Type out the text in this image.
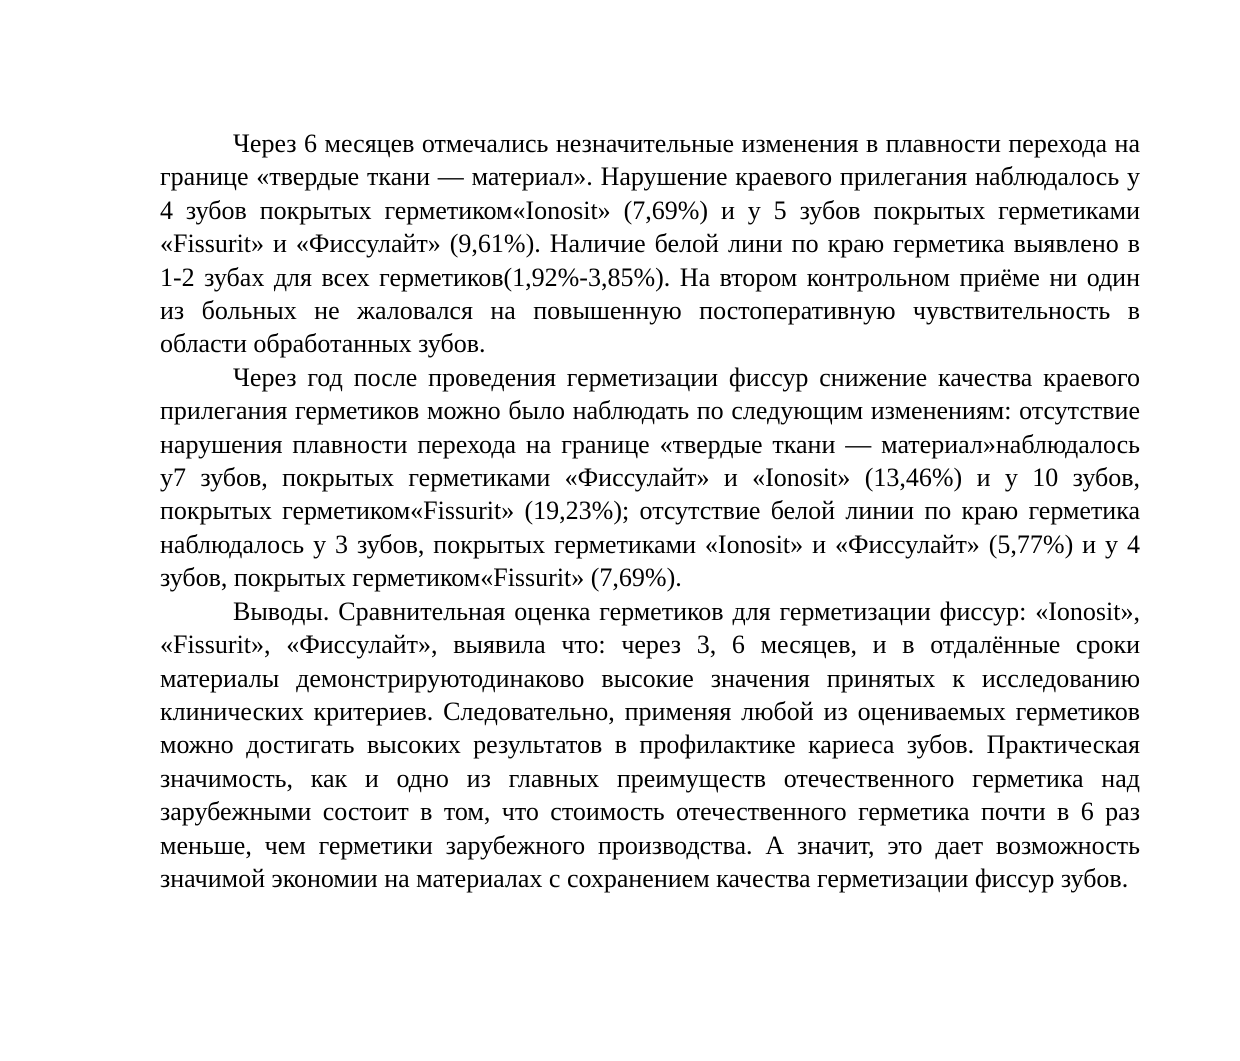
Через 6 месяцев отмечались незначительные изменения в плавности перехода на границе «твердые ткани — материал». Нарушение краевого прилегания наблюдалось у 4 зубов покрытых герметиком«Ionosit» (7,69%) и у 5 зубов покрытых герметиками «Fissurit» и «Фиссулайт» (9,61%). Наличие белой лини по краю герметика выявлено в 1-2 зубах для всех герметиков(1,92%-3,85%). На втором контрольном приёме ни один из больных не жаловался на повышенную постоперативную чувствительность в области обработанных зубов.

Через год после проведения герметизации фиссур снижение качества краевого прилегания герметиков можно было наблюдать по следующим изменениям: отсутствие нарушения плавности перехода на границе «твердые ткани — материал»наблюдалось у7 зубов, покрытых герметиками «Фиссулайт» и «Ionosit» (13,46%) и у 10 зубов, покрытых герметиком«Fissurit» (19,23%); отсутствие белой линии по краю герметика наблюдалось у 3 зубов, покрытых герметиками «Ionosit» и «Фиссулайт» (5,77%) и у 4 зубов, покрытых герметиком«Fissurit» (7,69%).

Выводы. Сравнительная оценка герметиков для герметизации фиссур: «Ionosit», «Fissurit», «Фиссулайт», выявила что: через 3, 6 месяцев, и в отдалённые сроки материалы демонстрируютодинаково высокие значения принятых к исследованию клинических критериев. Следовательно, применяя любой из оцениваемых герметиков можно достигать высоких результатов в профилактике кариеса зубов. Практическая значимость, как и одно из главных преимуществ отечественного герметика над зарубежными состоит в том, что стоимость отечественного герметика почти в 6 раз меньше, чем герметики зарубежного производства. А значит, это дает возможность значимой экономии на материалах с сохранением качества герметизации фиссур зубов.
